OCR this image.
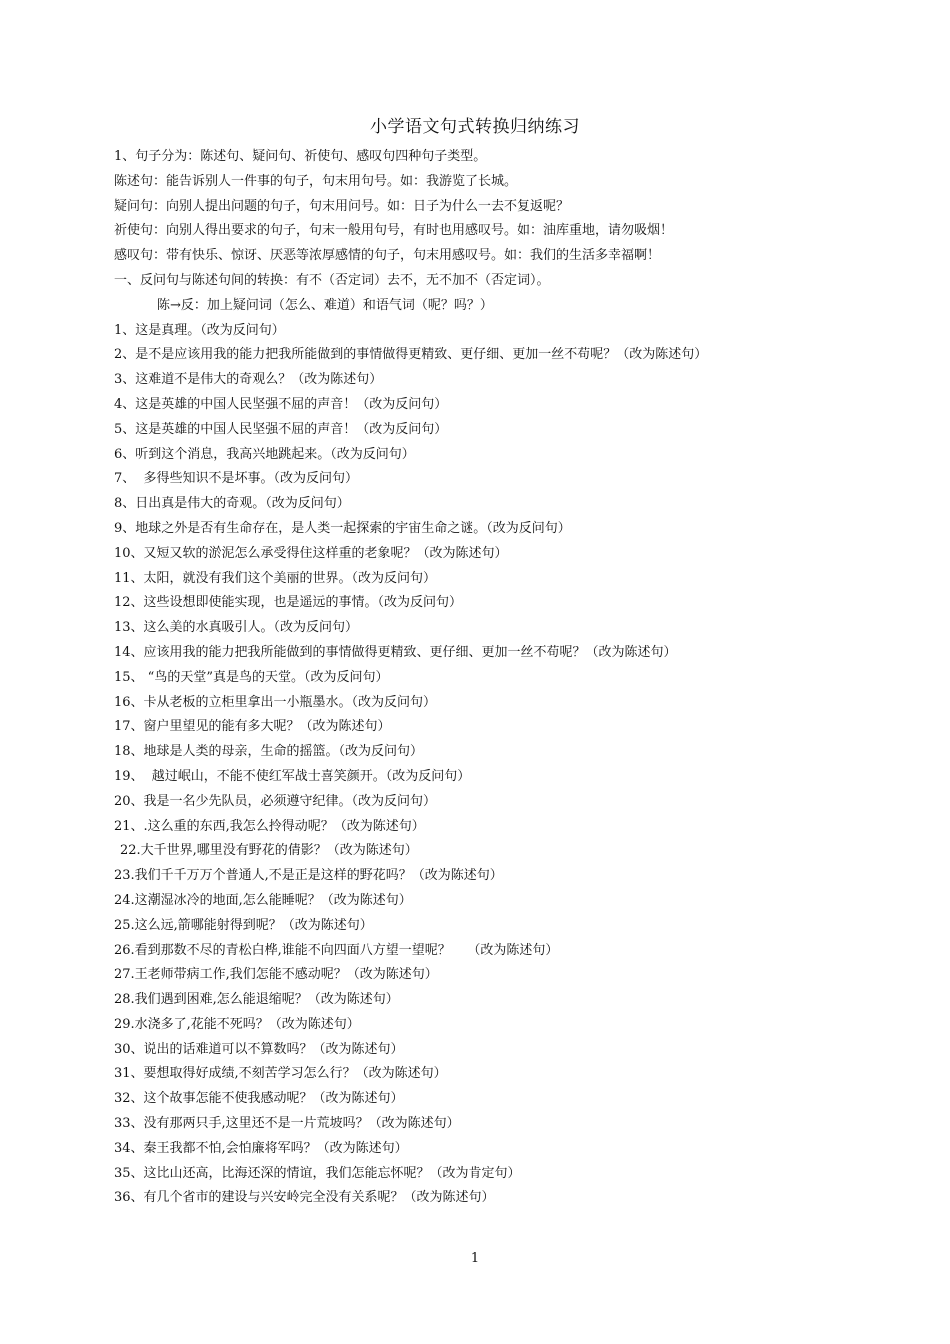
小学语文句式转换归纳练习
1、句子分为：陈述句、疑问句、祈使句、感叹句四种句子类型。
陈述句：能告诉别人一件事的句子，句末用句号。如：我游览了长城。
疑问句：向别人提出问题的句子，句末用问号。如：日子为什么一去不复返呢？
祈使句：向别人得出要求的句子，句末一般用句号，有时也用感叹号。如：油库重地，请勿吸烟！
感叹句：带有快乐、惊讶、厌恶等浓厚感情的句子，句末用感叹号。如：我们的生活多幸福啊！
一、反问句与陈述句间的转换：有不（否定词）去不，无不加不（否定词）。
陈→反：加上疑问词（怎么、难道）和语气词（呢？吗？）
1、这是真理。（改为反问句）
2、是不是应该用我的能力把我所能做到的事情做得更精致、更仔细、更加一丝不苟呢？（改为陈述句）
3、这难道不是伟大的奇观么？（改为陈述句）
4、这是英雄的中国人民坚强不屈的声音！（改为反问句）
5、这是英雄的中国人民坚强不屈的声音！（改为反问句）
6、听到这个消息，我高兴地跳起来。（改为反问句）
7、  多得些知识不是坏事。（改为反问句）
8、日出真是伟大的奇观。（改为反问句）
9、地球之外是否有生命存在，是人类一起探索的宇宙生命之谜。（改为反问句）
10、又短又软的淤泥怎么承受得住这样重的老象呢？（改为陈述句）
11、太阳，就没有我们这个美丽的世界。（改为反问句）
12、这些设想即使能实现，也是遥远的事情。（改为反问句）
13、这么美的水真吸引人。（改为反问句）
14、应该用我的能力把我所能做到的事情做得更精致、更仔细、更加一丝不苟呢？（改为陈述句）
15、 “鸟的天堂”真是鸟的天堂。（改为反问句）
16、卡从老板的立柜里拿出一小瓶墨水。（改为反问句）
17、窗户里望见的能有多大呢？（改为陈述句）
18、地球是人类的母亲，生命的摇篮。（改为反问句）
19、  越过岷山，不能不使红军战士喜笑颜开。（改为反问句）
20、我是一名少先队员，必须遵守纪律。（改为反问句）
21、.这么重的东西,我怎么拎得动呢？（改为陈述句）
22.大千世界,哪里没有野花的倩影？（改为陈述句）
23.我们千千万万个普通人,不是正是这样的野花吗？（改为陈述句）
24.这潮湿冰冷的地面,怎么能睡呢？（改为陈述句）
25.这么远,箭哪能射得到呢？（改为陈述句）
26.看到那数不尽的青松白桦,谁能不向四面八方望一望呢？    （改为陈述句）
27.王老师带病工作,我们怎能不感动呢？（改为陈述句）
28.我们遇到困难,怎么能退缩呢？（改为陈述句）
29.水浇多了,花能不死吗？（改为陈述句）
30、说出的话难道可以不算数吗？（改为陈述句）
31、要想取得好成绩,不刻苦学习怎么行？（改为陈述句）
32、这个故事怎能不使我感动呢？（改为陈述句）
33、没有那两只手,这里还不是一片荒坡吗？（改为陈述句）
34、秦王我都不怕,会怕廉将军吗？（改为陈述句）
35、这比山还高，比海还深的情谊，我们怎能忘怀呢？（改为肯定句）
36、有几个省市的建设与兴安岭完全没有关系呢？（改为陈述句）
1
